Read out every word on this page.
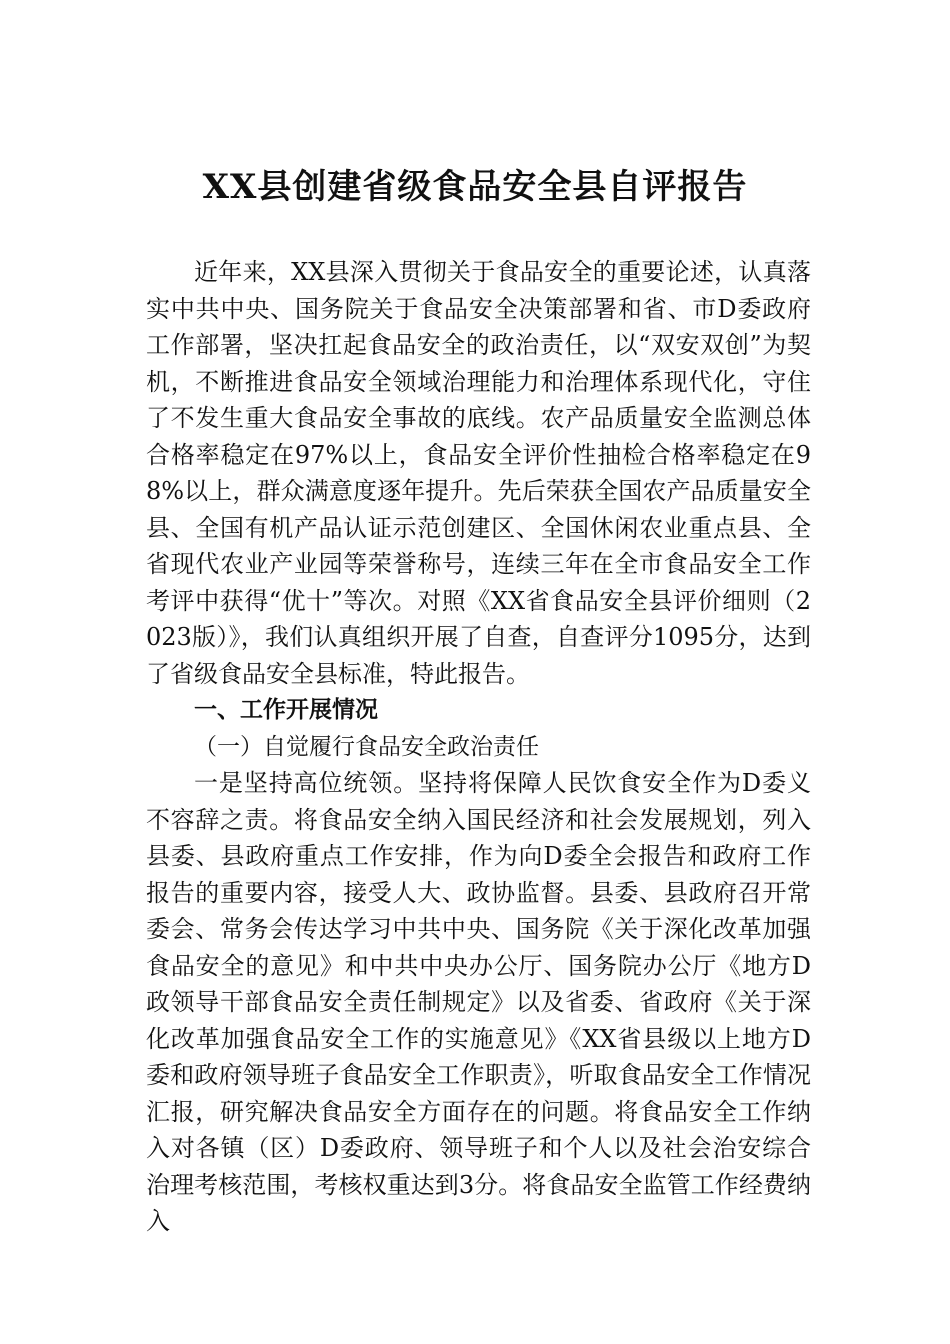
XX县创建省级食品安全县自评报告

近年来，XX县深入贯彻关于食品安全的重要论述，认真落实中共中央、国务院关于食品安全决策部署和省、市D委政府工作部署，坚决扛起食品安全的政治责任，以“双安双创”为契机，不断推进食品安全领域治理能力和治理体系现代化，守住了不发生重大食品安全事故的底线。农产品质量安全监测总体合格率稳定在97%以上，食品安全评价性抽检合格率稳定在98%以上，群众满意度逐年提升。先后荣获全国农产品质量安全县、全国有机产品认证示范创建区、全国休闲农业重点县、全省现代农业产业园等荣誉称号，连续三年在全市食品安全工作考评中获得“优十”等次。对照《XX省食品安全县评价细则（2023版）》，我们认真组织开展了自查，自查评分1095分，达到了省级食品安全县标准，特此报告。

一、工作开展情况

（一）自觉履行食品安全政治责任

一是坚持高位统领。坚持将保障人民饮食安全作为D委义不容辞之责。将食品安全纳入国民经济和社会发展规划，列入县委、县政府重点工作安排，作为向D委全会报告和政府工作报告的重要内容，接受人大、政协监督。县委、县政府召开常委会、常务会传达学习中共中央、国务院《关于深化改革加强食品安全的意见》和中共中央办公厅、国务院办公厅《地方D政领导干部食品安全责任制规定》以及省委、省政府《关于深化改革加强食品安全工作的实施意见》《XX省县级以上地方D委和政府领导班子食品安全工作职责》，听取食品安全工作情况汇报，研究解决食品安全方面存在的问题。将食品安全工作纳入对各镇（区）D委政府、领导班子和个人以及社会治安综合治理考核范围，考核权重达到3分。将食品安全监管工作经费纳入
